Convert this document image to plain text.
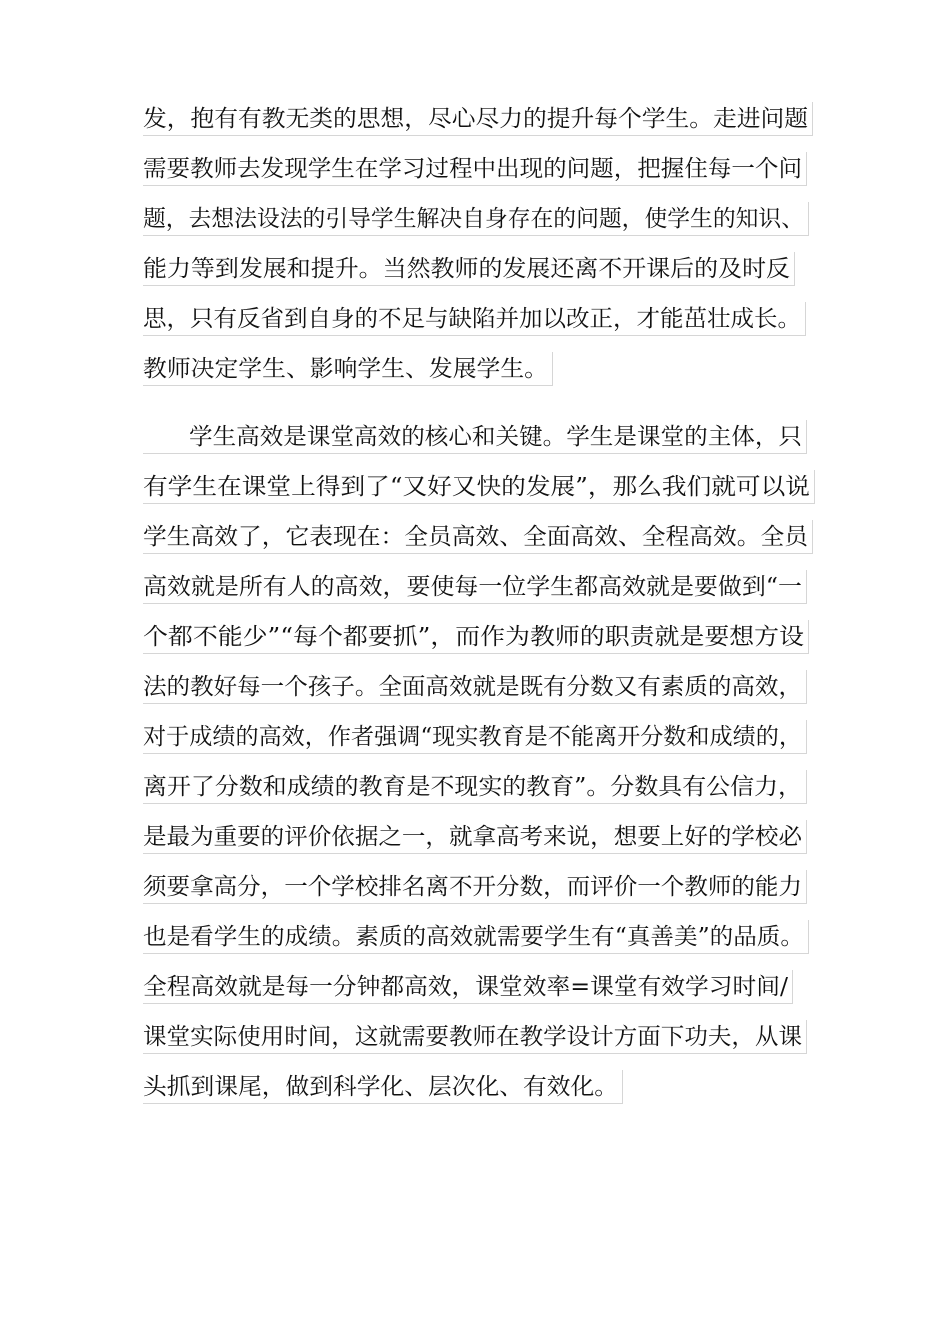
发，抱有有教无类的思想，尽心尽力的提升每个学生。走进问题
需要教师去发现学生在学习过程中出现的问题，把握住每一个问
题，去想法设法的引导学生解决自身存在的问题，使学生的知识、
能力等到发展和提升。当然教师的发展还离不开课后的及时反
思，只有反省到自身的不足与缺陷并加以改正，才能茁壮成长。
教师决定学生、影响学生、发展学生。
学生高效是课堂高效的核心和关键。学生是课堂的主体，只
有学生在课堂上得到了“又好又快的发展”，那么我们就可以说
学生高效了，它表现在：全员高效、全面高效、全程高效。全员
高效就是所有人的高效，要使每一位学生都高效就是要做到“一
个都不能少”“每个都要抓”，而作为教师的职责就是要想方设
法的教好每一个孩子。全面高效就是既有分数又有素质的高效，
对于成绩的高效，作者强调“现实教育是不能离开分数和成绩的，
离开了分数和成绩的教育是不现实的教育”。分数具有公信力，
是最为重要的评价依据之一，就拿高考来说，想要上好的学校必
须要拿高分，一个学校排名离不开分数，而评价一个教师的能力
也是看学生的成绩。素质的高效就需要学生有“真善美”的品质。
全程高效就是每一分钟都高效，课堂效率=课堂有效学习时间/
课堂实际使用时间，这就需要教师在教学设计方面下功夫，从课
头抓到课尾，做到科学化、层次化、有效化。
